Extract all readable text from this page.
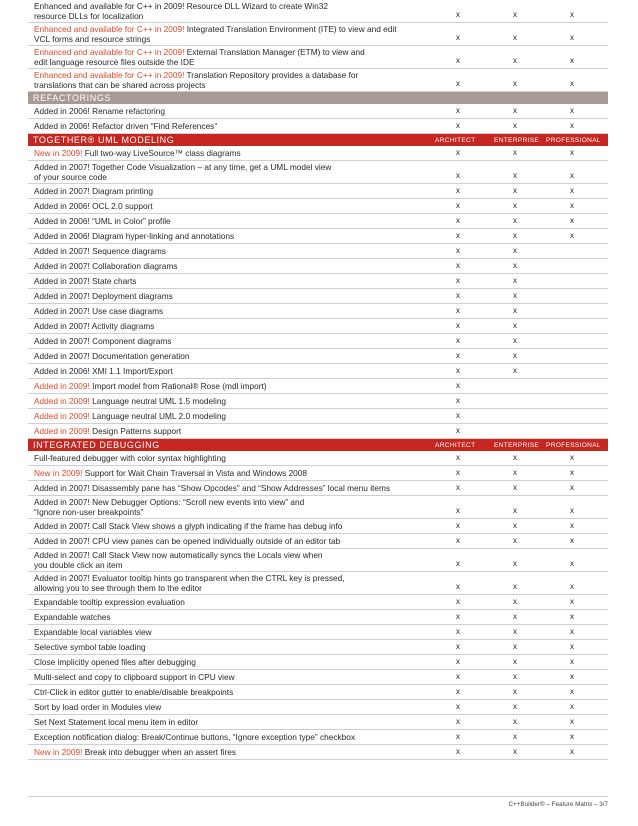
Enhanced and available for C++ in 2009! Resource DLL Wizard to create Win32
resource DLLs for localization	x	x	x
Enhanced and available for C++ in 2009! Integrated Translation Environment (ITE) to view and edit
VCL forms and resource strings	x	x	x
Enhanced and available for C++ in 2009! External Translation Manager (ETM) to view and
edit language resource files outside the IDE	x	x	x
Enhanced and available for C++ in 2009! Translation Repository provides a database for
translations that can be shared across projects	x	x	x
REFACTORINGS
Added in 2006! Rename refactoring	x	x	x
Added in 2006! Refactor driven “Find References”	x	x	x
TOGETHER® UML MODELING	ARCHITECT	ENTERPRISE PROFESSIONAL
New in 2009! Full two-way LiveSource™ class diagrams	x	x	x
Added in 2007! Together Code Visualization – at any time, get a UML model view
of your source code	x	x	x
Added in 2007! Diagram printing	x	x	x
Added in 2006! OCL 2.0 support	x	x	x
Added in 2006! “UML in Color” profile	x	x	x
Added in 2006! Diagram hyper-linking and annotations	x	x	x
Added in 2007! Sequence diagrams	x	x
Added in 2007! Collaboration diagrams	x	x
Added in 2007! State charts	x	x
Added in 2007! Deployment diagrams	x	x
Added in 2007! Use case diagrams	x	x
Added in 2007! Activity diagrams	x	x
Added in 2007! Component diagrams	x	x
Added in 2007! Documentation generation	x	x
Added in 2006! XMI 1.1 Import/Export	x	x
Added in 2009! Import model from Rational® Rose (mdl import)	x
Added in 2009! Language neutral UML 1.5 modeling	x
Added in 2009! Language neutral UML 2.0 modeling	x
Added in 2009! Design Patterns support	x
INTEGRATED DEBUGGING	ARCHITECT	ENTERPRISE PROFESSIONAL
Full-featured debugger with color syntax highlighting	x	x	x
New in 2009! Support for Wait Chain Traversal in Vista and Windows 2008	x	x	x
Added in 2007! Disassembly pane has “Show Opcodes” and “Show Addresses” local menu items	x	x	x
Added in 2007! New Debugger Options: “Scroll new events into view” and
“Ignore non-user breakpoints”	x	x	x
Added in 2007! Call Stack View shows a glyph indicating if the frame has debug info	x	x	x
Added in 2007! CPU view panes can be opened individually outside of an editor tab	x	x	x
Added in 2007! Call Stack View now automatically syncs the Locals view when
you double click an item	x	x	x
Added in 2007! Evaluator tooltip hints go transparent when the CTRL key is pressed,
allowing you to see through them to the editor	x	x	x
Expandable tooltip expression evaluation	x	x	x
Expandable watches	x	x	x
Expandable local variables view	x	x	x
Selective symbol table loading	x	x	x
Close implicitly opened files after debugging	x	x	x
Multi-select and copy to clipboard support in CPU view	x	x	x
Ctrl-Click in editor gutter to enable/disable breakpoints	x	x	x
Sort by load order in Modules view	x	x	x
Set Next Statement local menu item in editor	x	x	x
Exception notification dialog: Break/Continue buttons, “Ignore exception type” checkbox	x	x	x
New in 2009! Break into debugger when an assert fires	x	x	x
C++Builder® – Feature Matrix – 3/7
